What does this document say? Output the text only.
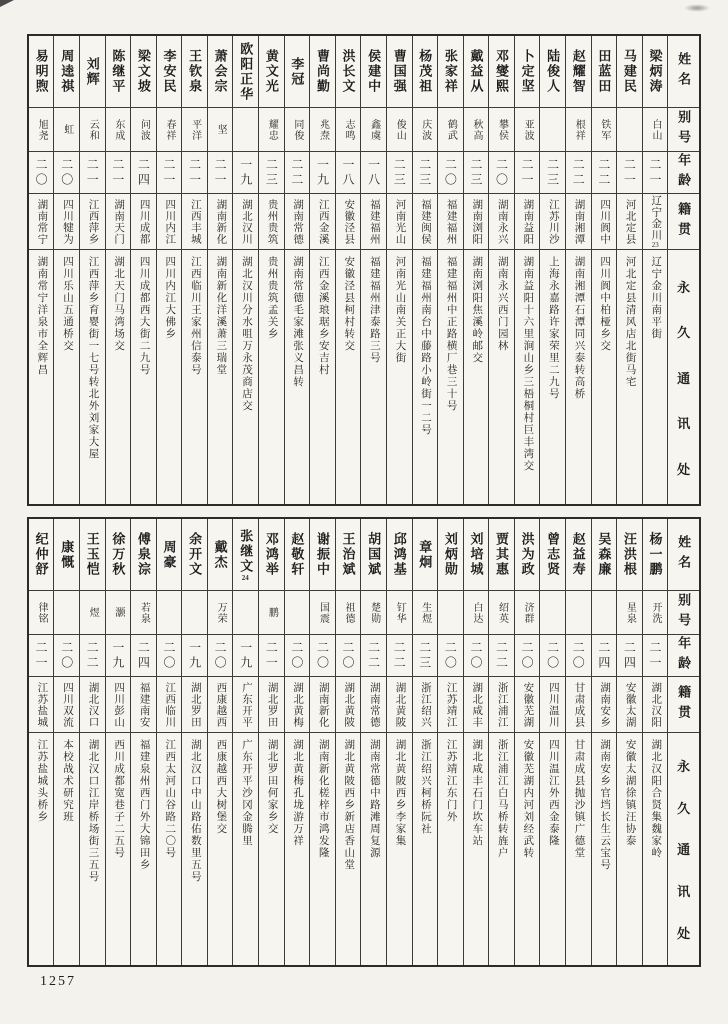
姓名
别号
年龄
籍贯
永
久
通
讯
处
梁炳涛
白山
二一
辽宁金川23
辽宁金川南平街
马建民
二一
河北定县
河北定县清风店北街马宅
田蓝田
铁军
二二
四川阆中
四川阆中柏桠乡交
赵耀智
根祥
二二
湖南湘潭
湖南湘潭石潭同兴泰转高桥
陆俊人
二三
江苏川沙
上海永嘉路许家荣里二九号
卜定坚
亚波
二一
湖南益阳
湖南益阳十六里涧山乡三梧桐村巨丰湾交
邓燮熙
攀侯
二〇
湖南永兴
湖南永兴西门园林
戴益从
秋高
二三
湖南浏阳
湖南浏阳焦溪岭邮交
张家祥
鹤武
二〇
福建福州
福建福州中正路横厂巷三十号
杨茂祖
庆波
二三
福建闽侯
福建福州南台中藤路小岭街一二号
曹国强
俊山
二三
河南光山
河南光山南关正大街
侯建中
鑫虞
一八
福建福州
福建福州津泰路三号
洪长文
志鸣
一八
安徽泾县
安徽泾县柯村转交
曹尚勤
兆焘
一九
江西金溪
江西金溪琅琚乡安吉村
李冠
同俊
二二
湖南常德
湖南常德毛家滩张义昌转
黄文光
耀忠
二三
贵州贵筑
贵州贵筑孟关乡
欧阳正华
一九
湖北汉川
湖北汉川分水咀万永茂商店交
萧会宗
坚
二一
湖南新化
湖南新化洋溪萧三瑞堂
王钦泉
平洋
二一
江西丰城
江西临川王家州信泰号
李安民
春祥
二一
四川内江
四川内江大佛乡
梁文坡
问波
二四
四川成都
四川成都西大街二九号
陈继平
东成
二一
湖南天门
湖北天门马湾场交
刘辉
云和
二一
江西萍乡
江西萍乡育婴街一七号转北外刘家大屋
周逵祺
虹
二〇
四川犍为
四川乐山五通桥交
易明煦
旭尧
二〇
湖南常宁
湖南常宁洋泉市全辉昌
姓名
别号
年龄
籍贯
永
久
通
讯
处
杨一鹏
开洗
二一
湖北汉阳
湖北汉阳合贤集魏家岭
汪洪根
星泉
二四
安徽太湖
安徽太湖徐镇汪协泰
吴森廉
二四
湖南安乡
湖南安乡官垱长生云宝号
赵益寿
二〇
甘肃成县
甘肃成县抛沙镇广德堂
曾志贤
二〇
四川温川
四川温江外西金泰隆
洪为政
济群
二〇
安徽芜湖
安徽芜湖内河刘经武转
贾其惠
绍英
二二
浙江浦江
浙江浦江白马桥转旌户
刘培城
白达
二〇
湖北咸丰
湖北咸丰石门坎车站
刘炳勋
二〇
江苏靖江
江苏靖江东门外
章炯
生煜
二三
浙江绍兴
浙江绍兴柯桥阮社
邱鸿基
钉华
二二
湖北黄陂
湖北黄陂西乡李家集
胡国斌
楚勋
二二
湖南常德
湖南常德中路滩周复源
王治斌
祖德
二〇
湖北黄陂
湖北黄陂西乡新店香山堂
谢振中
国震
二〇
湖南新化
湖南新化槎梓市鸿发隆
赵敬轩
二〇
湖北黄梅
湖北黄梅孔垅游万祥
邓鸿举
鹏
二一
湖北罗田
湖北罗田何家乡交
张继文24
一九
广东开平
广东开平沙冈金腾里
戴杰
万荣
二〇
西康越西
西康越西大树堡交
余开文
一九
湖北罗田
湖北汉口中山路佑数里五号
周豪
二〇
江西临川
江西太河山谷路二〇号
傅泉淙
若泉
二四
福建南安
福建泉州西门外大锦田乡
徐万秋
灏
一九
四川彭山
西川成都宽巷子二五号
王玉恺
煜
二二
湖北汉口
湖北汉口江岸桥场街三五号
康慨
二〇
四川双流
本校战术研究班
纪仲舒
律铭
二一
江苏盐城
江苏盐城头桥乡
1257
